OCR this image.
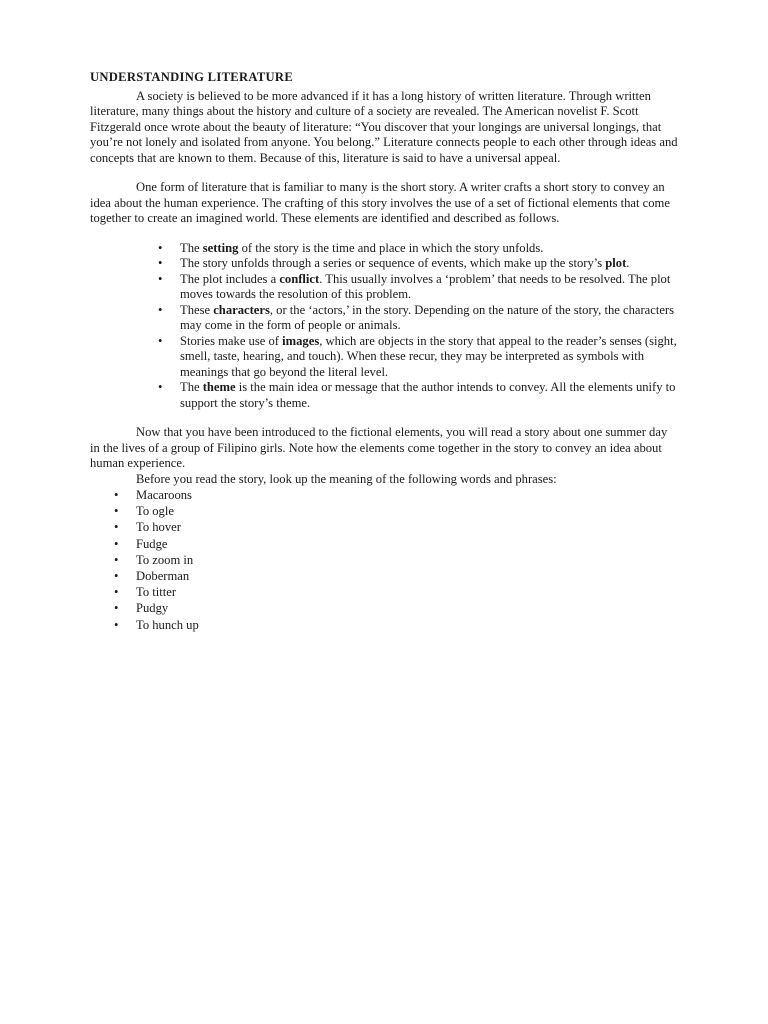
UNDERSTANDING LITERATURE

A society is believed to be more advanced if it has a long history of written literature. Through written literature, many things about the history and culture of a society are revealed. The American novelist F. Scott Fitzgerald once wrote about the beauty of literature: “You discover that your longings are universal longings, that you’re not lonely and isolated from anyone. You belong.” Literature connects people to each other through ideas and concepts that are known to them. Because of this, literature is said to have a universal appeal.

One form of literature that is familiar to many is the short story. A writer crafts a short story to convey an idea about the human experience. The crafting of this story involves the use of a set of fictional elements that come together to create an imagined world. These elements are identified and described as follows.

• The setting of the story is the time and place in which the story unfolds.
• The story unfolds through a series or sequence of events, which make up the story’s plot.
• The plot includes a conflict. This usually involves a ‘problem’ that needs to be resolved. The plot moves towards the resolution of this problem.
• These characters, or the ‘actors,’ in the story. Depending on the nature of the story, the characters may come in the form of people or animals.
• Stories make use of images, which are objects in the story that appeal to the reader’s senses (sight, smell, taste, hearing, and touch). When these recur, they may be interpreted as symbols with meanings that go beyond the literal level.
• The theme is the main idea or message that the author intends to convey. All the elements unify to support the story’s theme.

Now that you have been introduced to the fictional elements, you will read a story about one summer day in the lives of a group of Filipino girls. Note how the elements come together in the story to convey an idea about human experience.

Before you read the story, look up the meaning of the following words and phrases:

• Macaroons
• To ogle
• To hover
• Fudge
• To zoom in
• Doberman
• To titter
• Pudgy
• To hunch up
